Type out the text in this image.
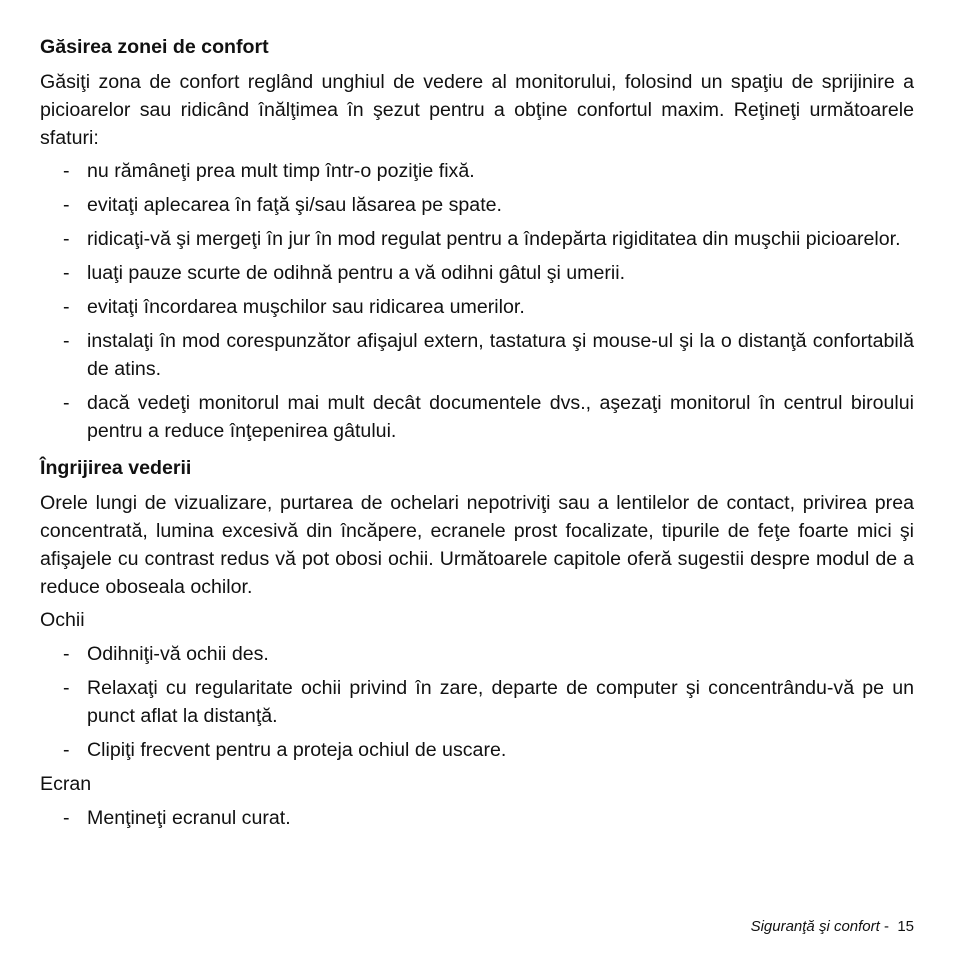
Găsirea zonei de confort
Găsiţi zona de confort reglând unghiul de vedere al monitorului, folosind un spaţiu de sprijinire a picioarelor sau ridicând înălţimea în şezut pentru a obţine confortul maxim. Reţineţi următoarele sfaturi:
- nu rămâneţi prea mult timp într-o poziţie fixă.
- evitaţi aplecarea în faţă şi/sau lăsarea pe spate.
- ridicaţi-vă şi mergeţi în jur în mod regulat pentru a îndepărta rigiditatea din muşchii picioarelor.
- luaţi pauze scurte de odihnă pentru a vă odihni gâtul şi umerii.
- evitaţi încordarea muşchilor sau ridicarea umerilor.
- instalaţi în mod corespunzător afişajul extern, tastatura şi mouse-ul şi la o distanţă confortabilă de atins.
- dacă vedeţi monitorul mai mult decât documentele dvs., aşezaţi monitorul în centrul biroului pentru a reduce înţepenirea gâtului.
Îngrijirea vederii
Orele lungi de vizualizare, purtarea de ochelari nepotriviţi sau a lentilelor de contact, privirea prea concentrată, lumina excesivă din încăpere, ecranele prost focalizate, tipurile de feţe foarte mici şi afişajele cu contrast redus vă pot obosi ochii. Următoarele capitole oferă sugestii despre modul de a reduce oboseala ochilor.
Ochii
- Odihniţi-vă ochii des.
- Relaxaţi cu regularitate ochii privind în zare, departe de computer şi concentrându-vă pe un punct aflat la distanţă.
- Clipiţi frecvent pentru a proteja ochiul de uscare.
Ecran
- Menţineţi ecranul curat.
Siguranţă şi confort -  15
